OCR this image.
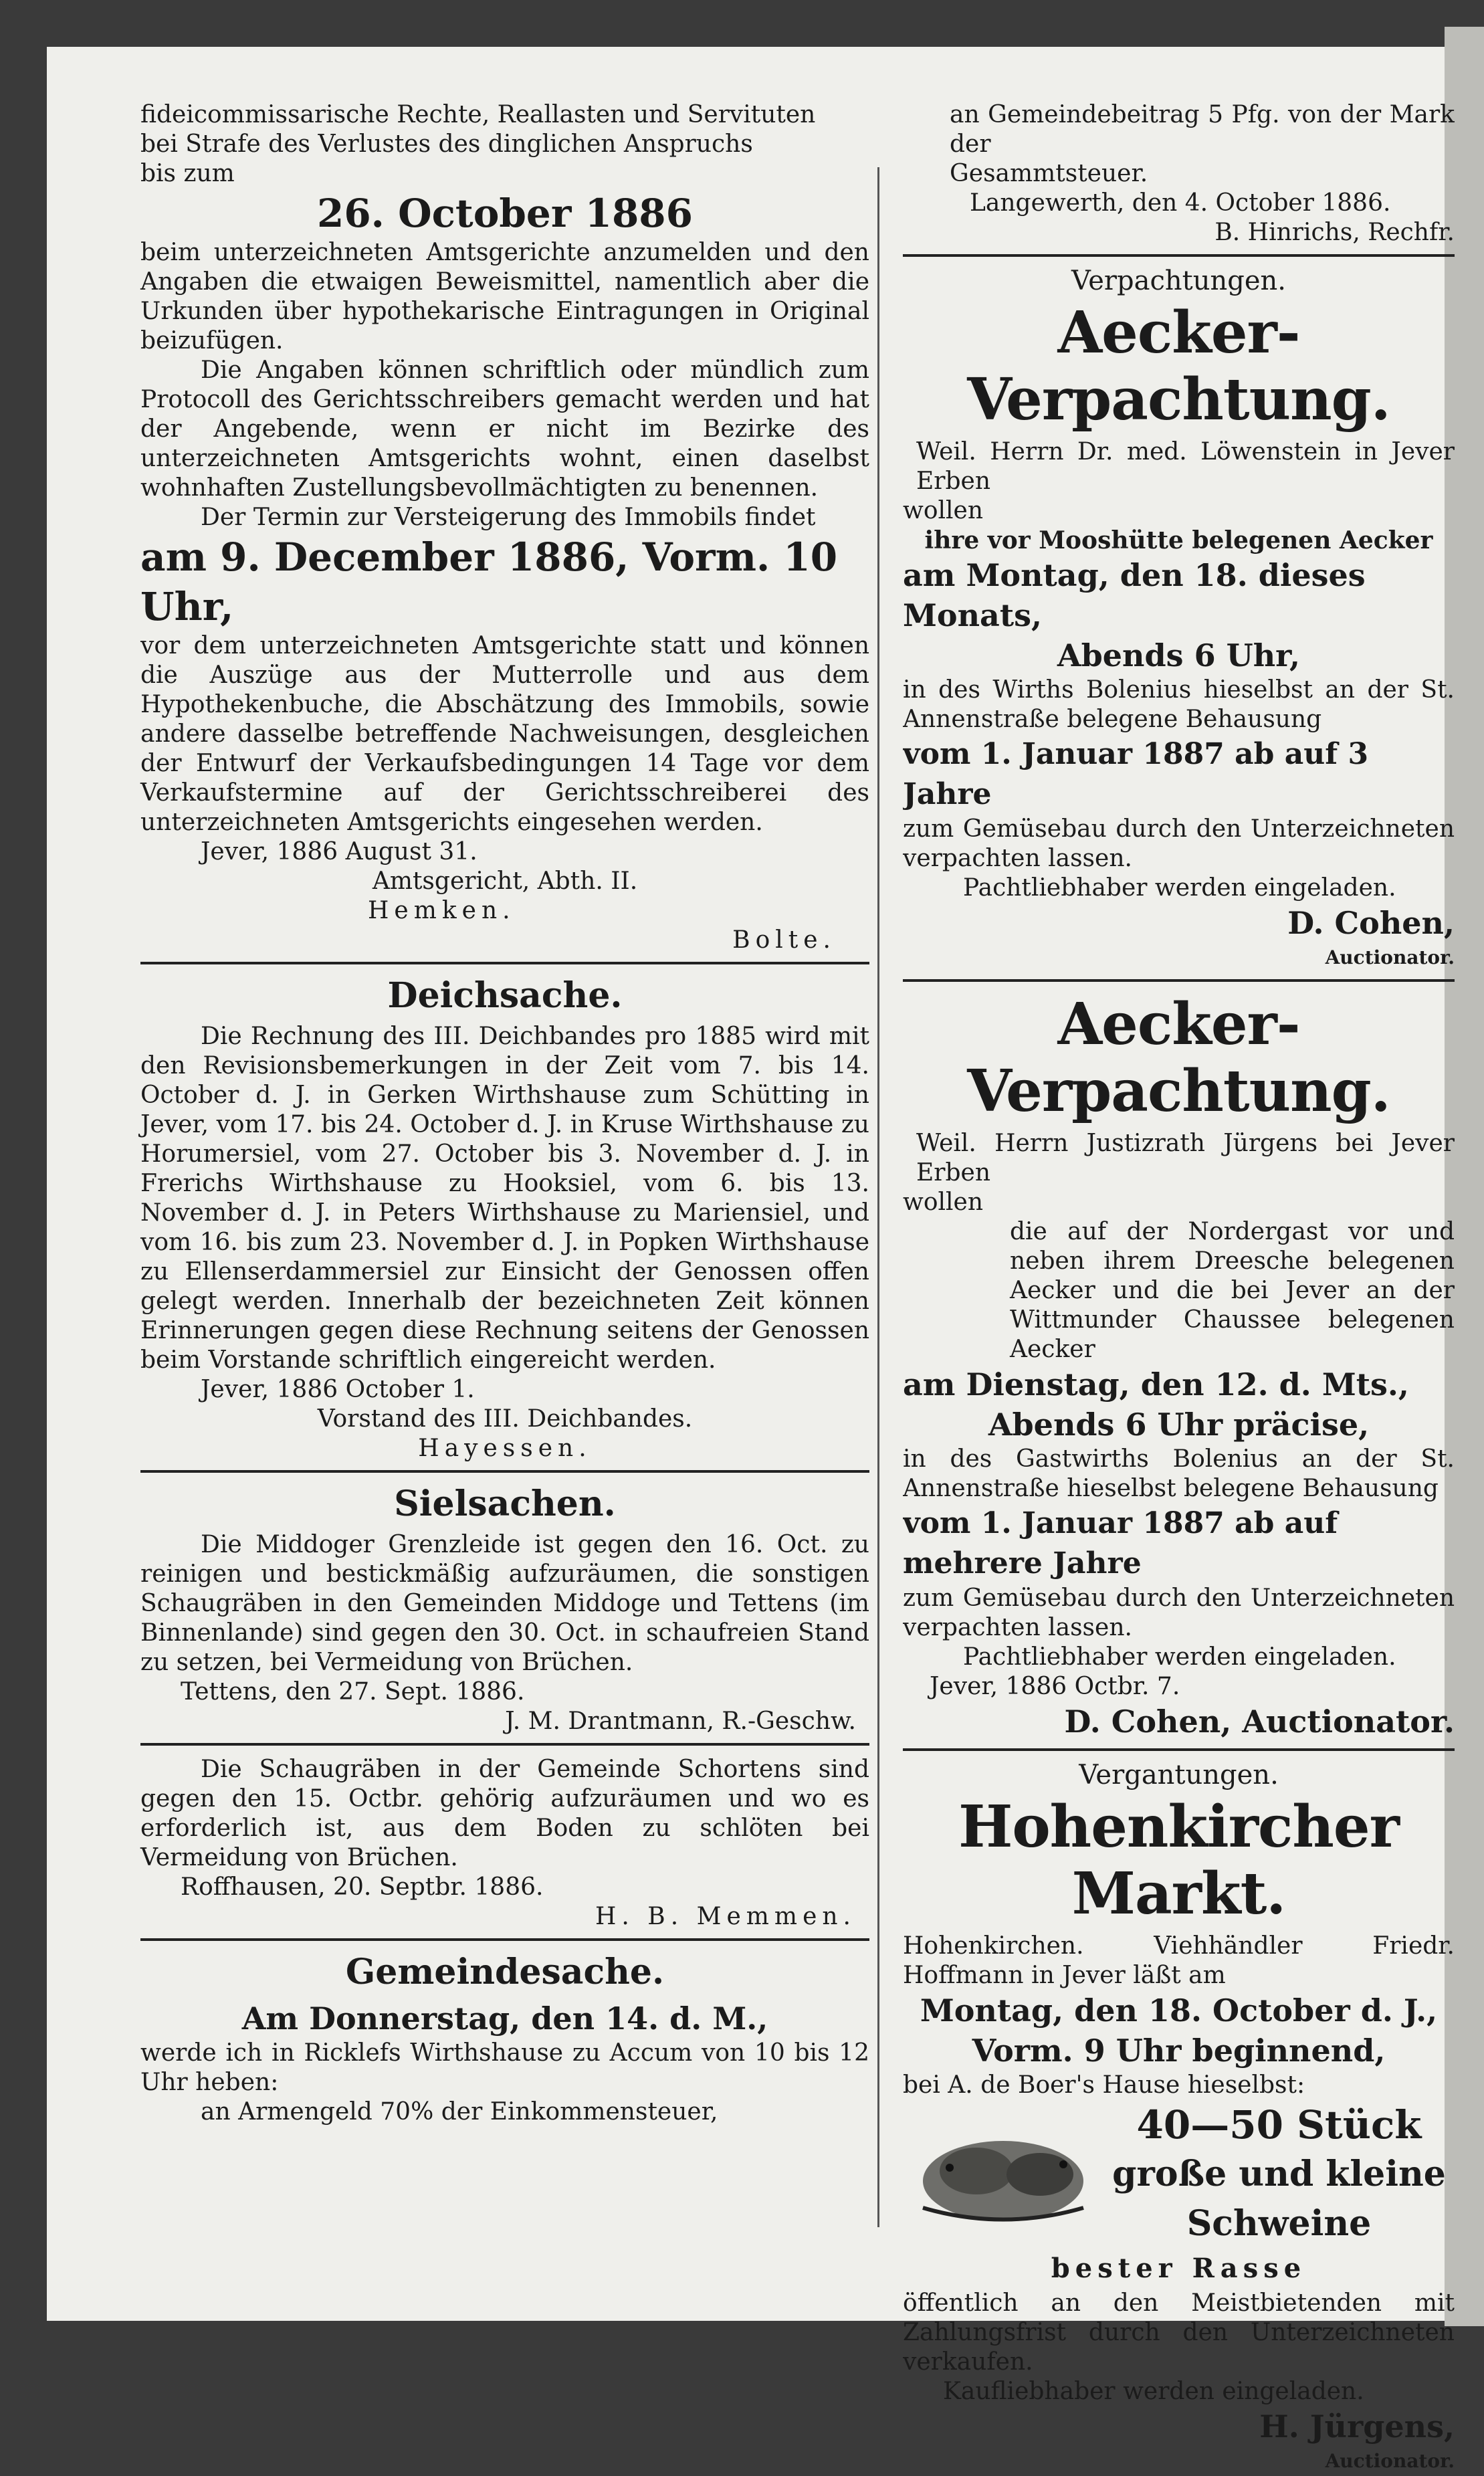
fideicommissarische Rechte, Reallasten und Servituten

bei Strafe des Verlustes des dinglichen Anspruchs

bis zum

26. October 1886

beim unterzeichneten Amtsgerichte anzumelden und den Angaben die etwaigen Beweismittel, namentlich aber die Urkunden über hypothekarische Eintragungen in Original beizufügen.

Die Angaben können schriftlich oder mündlich zum Protocoll des Gerichtsschreibers gemacht werden und hat der Angebende, wenn er nicht im Bezirke des unterzeichneten Amtsgerichts wohnt, einen daselbst wohnhaften Zustellungsbevollmächtigten zu benennen.

Der Termin zur Versteigerung des Immobils findet

am 9. December 1886, Vorm. 10 Uhr,

vor dem unterzeichneten Amtsgerichte statt und können die Auszüge aus der Mutterrolle und aus dem Hypothekenbuche, die Abschätzung des Immobils, sowie andere dasselbe betreffende Nachweisungen, desgleichen der Entwurf der Verkaufsbedingungen 14 Tage vor dem Verkaufstermine auf der Gerichtsschreiberei des unterzeichneten Amtsgerichts eingesehen werden.

Jever, 1886 August 31.

Amtsgericht, Abth. II.

Hemken.

Bolte.

Deichsache.

Die Rechnung des III. Deichbandes pro 1885 wird mit den Revisionsbemerkungen in der Zeit vom 7. bis 14. October d. J. in Gerken Wirthshause zum Schütting in Jever, vom 17. bis 24. October d. J. in Kruse Wirthshause zu Horumersiel, vom 27. October bis 3. November d. J. in Frerichs Wirthshause zu Hooksiel, vom 6. bis 13. November d. J. in Peters Wirthshause zu Mariensiel, und vom 16. bis zum 23. November d. J. in Popken Wirthshause zu Ellenserdammersiel zur Einsicht der Genossen offen gelegt werden. Innerhalb der bezeichneten Zeit können Erinnerungen gegen diese Rechnung seitens der Genossen beim Vorstande schriftlich eingereicht werden.

Jever, 1886 October 1.

Vorstand des III. Deichbandes.

Hayessen.

Sielsachen.

Die Middoger Grenzleide ist gegen den 16. Oct. zu reinigen und bestickmäßig aufzuräumen, die sonstigen Schaugräben in den Gemeinden Middoge und Tettens (im Binnenlande) sind gegen den 30. Oct. in schaufreien Stand zu setzen, bei Vermeidung von Brüchen.

Tettens, den 27. Sept. 1886.

J. M. Drantmann, R.-Geschw.

Die Schaugräben in der Gemeinde Schortens sind gegen den 15. Octbr. gehörig aufzuräumen und wo es erforderlich ist, aus dem Boden zu schlöten bei Vermeidung von Brüchen.

Roffhausen, 20. Septbr. 1886.

H. B. Memmen.

Gemeindesache.

Am Donnerstag, den 14. d. M.,

werde ich in Ricklefs Wirthshause zu Accum von 10 bis 12 Uhr heben:

an Armengeld 70% der Einkommensteuer,

an Gemeindebeitrag 5 Pfg. von der Mark der

Gesammtsteuer.

Langewerth, den 4. October 1886.

B. Hinrichs, Rechfr.

Verpachtungen.

Aecker-Verpachtung.

Weil. Herrn Dr. med. Löwenstein in Jever Erben

wollen

ihre vor Mooshütte belegenen Aecker

am Montag, den 18. dieses Monats,

Abends 6 Uhr,

in des Wirths Bolenius hieselbst an der St. Annenstraße belegene Behausung

vom 1. Januar 1887 ab auf 3 Jahre

zum Gemüsebau durch den Unterzeichneten verpachten lassen.

Pachtliebhaber werden eingeladen.

D. Cohen,

Auctionator.

Aecker-Verpachtung.

Weil. Herrn Justizrath Jürgens bei Jever Erben

wollen

die auf der Nordergast vor und neben ihrem Dreesche belegenen Aecker und die bei Jever an der Wittmunder Chaussee belegenen Aecker

am Dienstag, den 12. d. Mts.,

Abends 6 Uhr präcise,

in des Gastwirths Bolenius an der St. Annenstraße hieselbst belegene Behausung

vom 1. Januar 1887 ab auf mehrere Jahre

zum Gemüsebau durch den Unterzeichneten verpachten lassen.

Pachtliebhaber werden eingeladen.

Jever, 1886 Octbr. 7.

D. Cohen, Auctionator.

Vergantungen.

Hohenkircher Markt.

Hohenkirchen. Viehhändler Friedr. Hoffmann in Jever läßt am

Montag, den 18. October d. J.,

Vorm. 9 Uhr beginnend,

bei A. de Boer's Hause hieselbst:

40—50 Stück

große und kleine

Schweine

bester Rasse

öffentlich an den Meistbietenden mit Zahlungsfrist durch den Unterzeichneten verkaufen.

Kaufliebhaber werden eingeladen.

H. Jürgens,

Auctionator.
